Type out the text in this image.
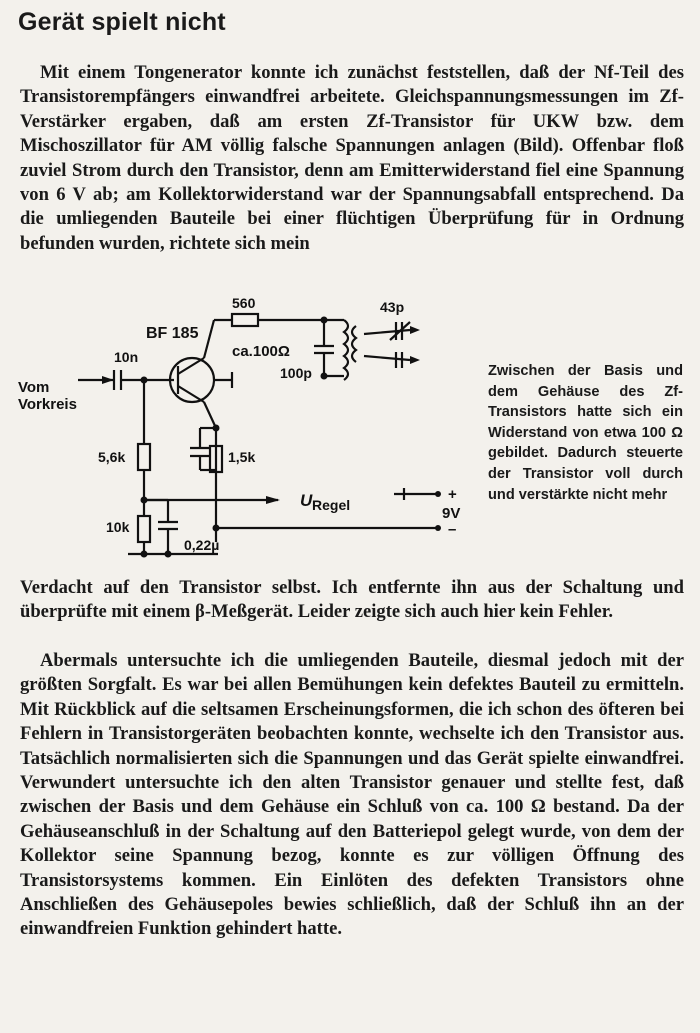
Gerät spielt nicht
Mit einem Tongenerator konnte ich zunächst feststellen, daß der Nf-Teil des Transistorempfängers einwandfrei arbeitete. Gleichspannungsmessungen im Zf-Verstärker ergaben, daß am ersten Zf-Transistor für UKW bzw. dem Mischoszillator für AM völlig falsche Spannungen anlagen (Bild). Offenbar floß zuviel Strom durch den Transistor, denn am Emitterwiderstand fiel eine Spannung von 6 V ab; am Kollektorwiderstand war der Spannungsabfall entsprechend. Da die umliegenden Bauteile bei einer flüchtigen Überprüfung für in Ordnung befunden wurden, richtete sich mein
Vom
Vorkreis
10n
BF 185
560
ca.100Ω
43p
100p
5,6k	1,5k
10k
0,22µ
U Regel
+
9V
–
Zwischen der Basis und dem Gehäuse des Zf-Transistors hatte sich ein Widerstand von etwa 100 Ω gebildet. Dadurch steuerte der Transistor voll durch und verstärkte nicht mehr
Verdacht auf den Transistor selbst. Ich entfernte ihn aus der Schaltung und überprüfte mit einem β-Meßgerät. Leider zeigte sich auch hier kein Fehler.
Abermals untersuchte ich die umliegenden Bauteile, diesmal jedoch mit der größten Sorgfalt. Es war bei allen Bemühungen kein defektes Bauteil zu ermitteln. Mit Rückblick auf die seltsamen Erscheinungsformen, die ich schon des öfteren bei Fehlern in Transistorgeräten beobachten konnte, wechselte ich den Transistor aus. Tatsächlich normalisierten sich die Spannungen und das Gerät spielte einwandfrei. Verwundert untersuchte ich den alten Transistor genauer und stellte fest, daß zwischen der Basis und dem Gehäuse ein Schluß von ca. 100 Ω bestand. Da der Gehäuseanschluß in der Schaltung auf den Batteriepol gelegt wurde, von dem der Kollektor seine Spannung bezog, konnte es zur völligen Öffnung des Transistorsystems kommen. Ein Einlöten des defekten Transistors ohne Anschließen des Gehäusepoles bewies schließlich, daß der Schluß ihn an der einwandfreien Funktion gehindert hatte.
